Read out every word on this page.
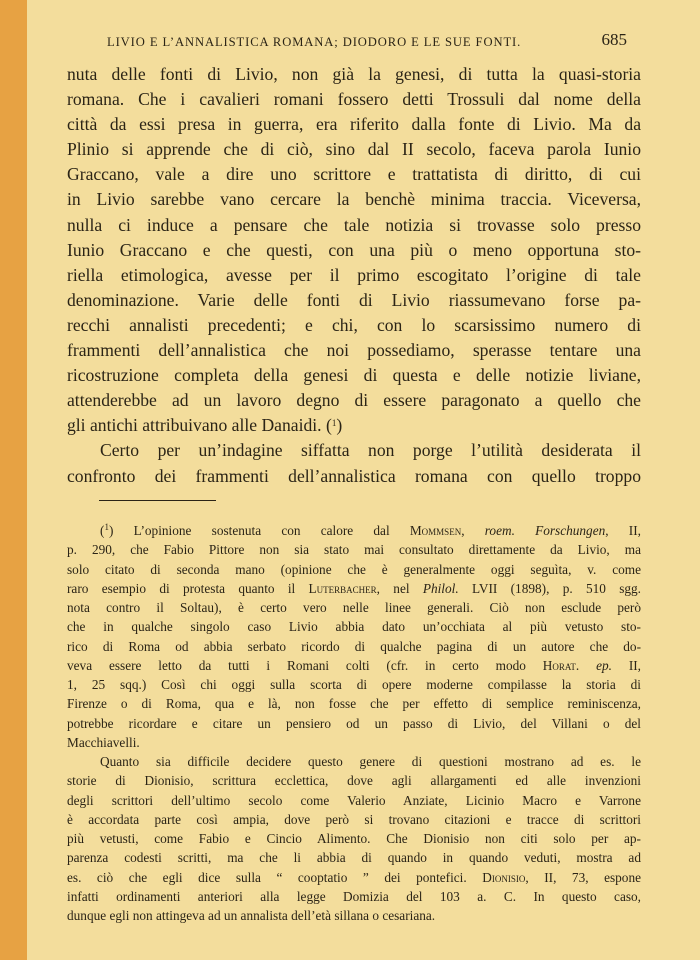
LIVIO E L’ANNALISTICA ROMANA; DIODORO E LE SUE FONTI.	685
nuta delle fonti di Livio, non già la genesi, di tutta la quasi-storia
romana. Che i cavalieri romani fossero detti Trossuli dal nome della
città da essi presa in guerra, era riferito dalla fonte di Livio. Ma da
Plinio si apprende che di ciò, sino dal II secolo, faceva parola Iunio
Graccano, vale a dire uno scrittore e trattatista di diritto, di cui
in Livio sarebbe vano cercare la benchè minima traccia. Viceversa,
nulla ci induce a pensare che tale notizia si trovasse solo presso
Iunio Graccano e che questi, con una più o meno opportuna sto-
riella etimologica, avesse per il primo escogitato l’origine di tale
denominazione. Varie delle fonti di Livio riassumevano forse pa-
recchi annalisti precedenti; e chi, con lo scarsissimo numero di
frammenti dell’annalistica che noi possediamo, sperasse tentare una
ricostruzione completa della genesi di questa e delle notizie liviane,
attenderebbe ad un lavoro degno di essere paragonato a quello che
gli antichi attribuivano alle Danaidi. ($^1$)
Certo per un’indagine siffatta non porge l’utilità desiderata il
confronto dei frammenti dell’annalistica romana con quello troppo
($^1$) L’opinione sostenuta con calore dal Mommsen, roem. Forschungen, II,
p. 290, che Fabio Pittore non sia stato mai consultato direttamente da Livio, ma
solo citato di seconda mano (opinione che è generalmente oggi seguìta, v. come
raro esempio di protesta quanto il Luterbacher, nel Philol. LVII (1898), p. 510 sgg.
nota contro il Soltau), è certo vero nelle linee generali. Ciò non esclude però
che in qualche singolo caso Livio abbia dato un’occhiata al più vetusto sto-
rico di Roma od abbia serbato ricordo di qualche pagina di un autore che do-
veva essere letto da tutti i Romani colti (cfr. in certo modo Horat. ep. II,
1, 25 sqq.) Così chi oggi sulla scorta di opere moderne compilasse la storia di
Firenze o di Roma, qua e là, non fosse che per effetto di semplice reminiscenza,
potrebbe ricordare e citare un pensiero od un passo di Livio, del Villani o del
Macchiavelli.
Quanto sia difficile decidere questo genere di questioni mostrano ad es. le
storie di Dionisio, scrittura ecclettica, dove agli allargamenti ed alle invenzioni
degli scrittori dell’ultimo secolo come Valerio Anziate, Licinio Macro e Varrone
è accordata parte così ampia, dove però si trovano citazioni e tracce di scrittori
più vetusti, come Fabio e Cincio Alimento. Che Dionisio non citi solo per ap-
parenza codesti scritti, ma che li abbia di quando in quando veduti, mostra ad
es. ciò che egli dice sulla “ cooptatio ” dei pontefici. Dionisio, II, 73, espone
infatti ordinamenti anteriori alla legge Domizia del 103 a. C. In questo caso,
dunque egli non attingeva ad un annalista dell’età sillana o cesariana.
